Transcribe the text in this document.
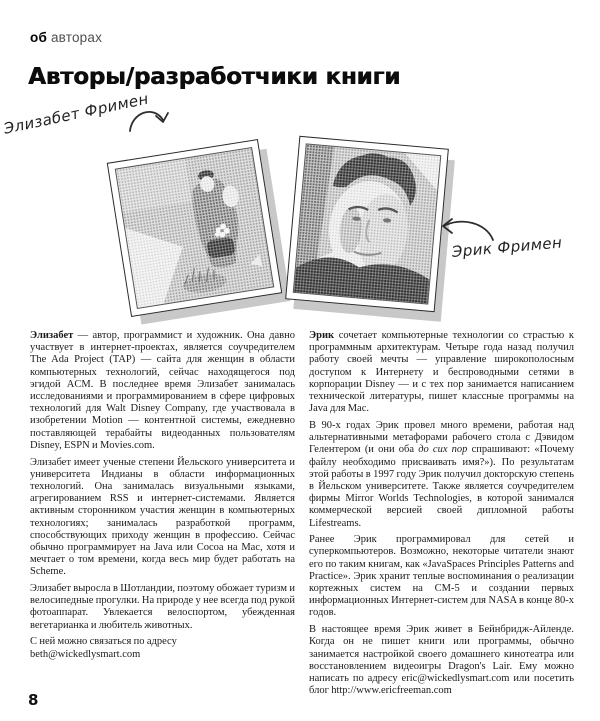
об авторах
Авторы/разработчики книги
Элизабет Фримен
Эрик Фримен

Элизабет — автор, программист и художник. Она давно участвует в интернет-проектах, является соучредителем The Ada Project (TAP) — сайта для женщин в области компьютерных технологий, сейчас находящегося под эгидой ACM. В последнее время Элизабет занималась исследованиями и программированием в сфере цифровых технологий для Walt Disney Company, где участвовала в изобретении Motion — контентной системы, ежедневно поставляющей терабайты видеоданных пользователям Disney, ESPN и Movies.com.

Элизабет имеет ученые степени Йельского университета и университета Индианы в области информационных технологий. Она занималась визуальными языками, агрегированием RSS и интернет-системами. Является активным сторонником участия женщин в компьютерных технологиях; занималась разработкой программ, способствующих приходу женщин в профессию. Сейчас обычно программирует на Java или Cocoa на Mac, хотя и мечтает о том времени, когда весь мир будет работать на Scheme.

Элизабет выросла в Шотландии, поэтому обожает туризм и велосипедные прогулки. На природе у нее всегда под рукой фотоаппарат. Увлекается велоспортом, убежденная вегетарианка и любитель животных.

С ней можно связаться по адресу
beth@wickedlysmart.com

Эрик сочетает компьютерные технологии со страстью к программным архитектурам. Четыре года назад получил работу своей мечты — управление широкополосным доступом к Интернету и беспроводными сетями в корпорации Disney — и с тех пор занимается написанием технической литературы, пишет классные программы на Java для Mac.

В 90-х годах Эрик провел много времени, работая над альтернативными метафорами рабочего стола с Дэвидом Гелентером (и они оба до сих пор спрашивают: «Почему файлу необходимо присваивать имя?»). По результатам этой работы в 1997 году Эрик получил докторскую степень в Йельском университете. Также является соучредителем фирмы Mirror Worlds Technologies, в которой занимался коммерческой версией своей дипломной работы Lifestreams.

Ранее Эрик программировал для сетей и суперкомпьютеров. Возможно, некоторые читатели знают его по таким книгам, как «JavaSpaces Principles Patterns and Practice». Эрик хранит теплые воспоминания о реализации кортежных систем на CM-5 и создании первых информационных Интернет-систем для NASA в конце 80-х годов.

В настоящее время Эрик живет в Бейнбридж-Айленде. Когда он не пишет книги или программы, обычно занимается настройкой своего домашнего кинотеатра или восстановлением видеоигры Dragon's Lair. Ему можно написать по адресу eric@wickedlysmart.com или посетить блог http://www.ericfreeman.com

8
